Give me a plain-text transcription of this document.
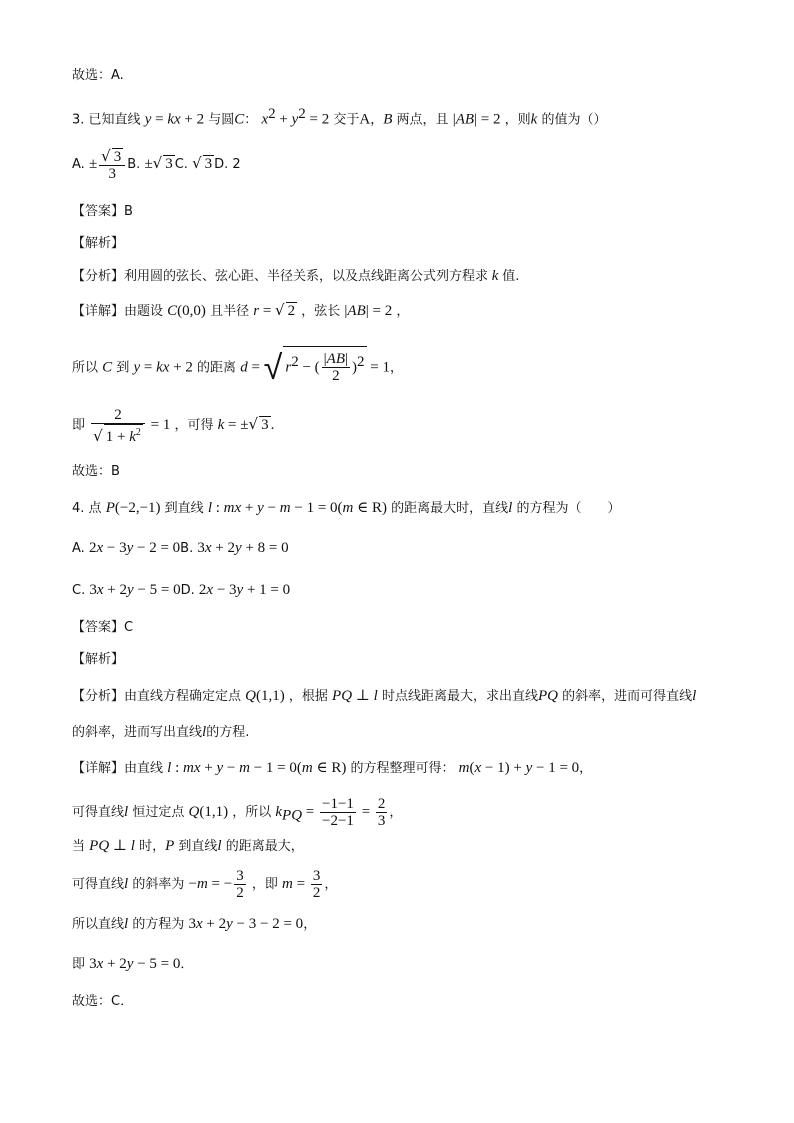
故选：A.
3. 已知直线 y = kx + 2 与圆C： $x^2 + y^2 = 2$ 交于A，B 两点，且 |AB| = 2 ，则k 的值为（）
A. ± $\frac{√ 3}{3} B$. ±√ 3 C. √ 3 D. 2
【答案】B
【解析】
【分析】利用圆的弦长、弦心距、半径关系，以及点线距离公式列方程求 k 值.
【详解】由题设 C(0,0) 且半径 r = √ 2 ，弦长 |AB| = 2 ，
所以 C 到 y = kx + 2 的距离 d = √ $r^2$ − ( $\frac{|AB|}{2} )^2 = 1$，
即 $\frac{2}{√ 1 + k^2} = 1$ ，可得 k = ±√ 3 .
故选：B
4. 点 P(−2,−1) 到直线 l : mx + y − m − 1 = 0(m ∈ R) 的距离最大时，直线l 的方程为（　　）
A. 2x − 3y − 2 = 0B. 3x + 2y + 8 = 0
C. 3x + 2y − 5 = 0D. 2x − 3y + 1 = 0
【答案】C
【解析】
【分析】由直线方程确定定点 Q(1,1) ，根据 PQ ⊥ l 时点线距离最大，求出直线PQ 的斜率，进而可得直线l
的斜率，进而写出直线l的方程.
【详解】由直线 l : mx + y − m − 1 = 0(m ∈ R) 的方程整理可得： m(x − 1) + y − 1 = 0，
可得直线l 恒过定点 Q(1,1) ，所以 $k_{PQ} = \frac{-1-1}{-2-1} = \frac{2}{3}$ ，
当 PQ ⊥ l 时，P 到直线l 的距离最大，
可得直线l 的斜率为 −m = − $\frac{3}{2}$ ，即 $m = \frac{3}{2}$ ，
所以直线l 的方程为 3x + 2y − 3 − 2 = 0，
即 3x + 2y − 5 = 0．
故选：C．
